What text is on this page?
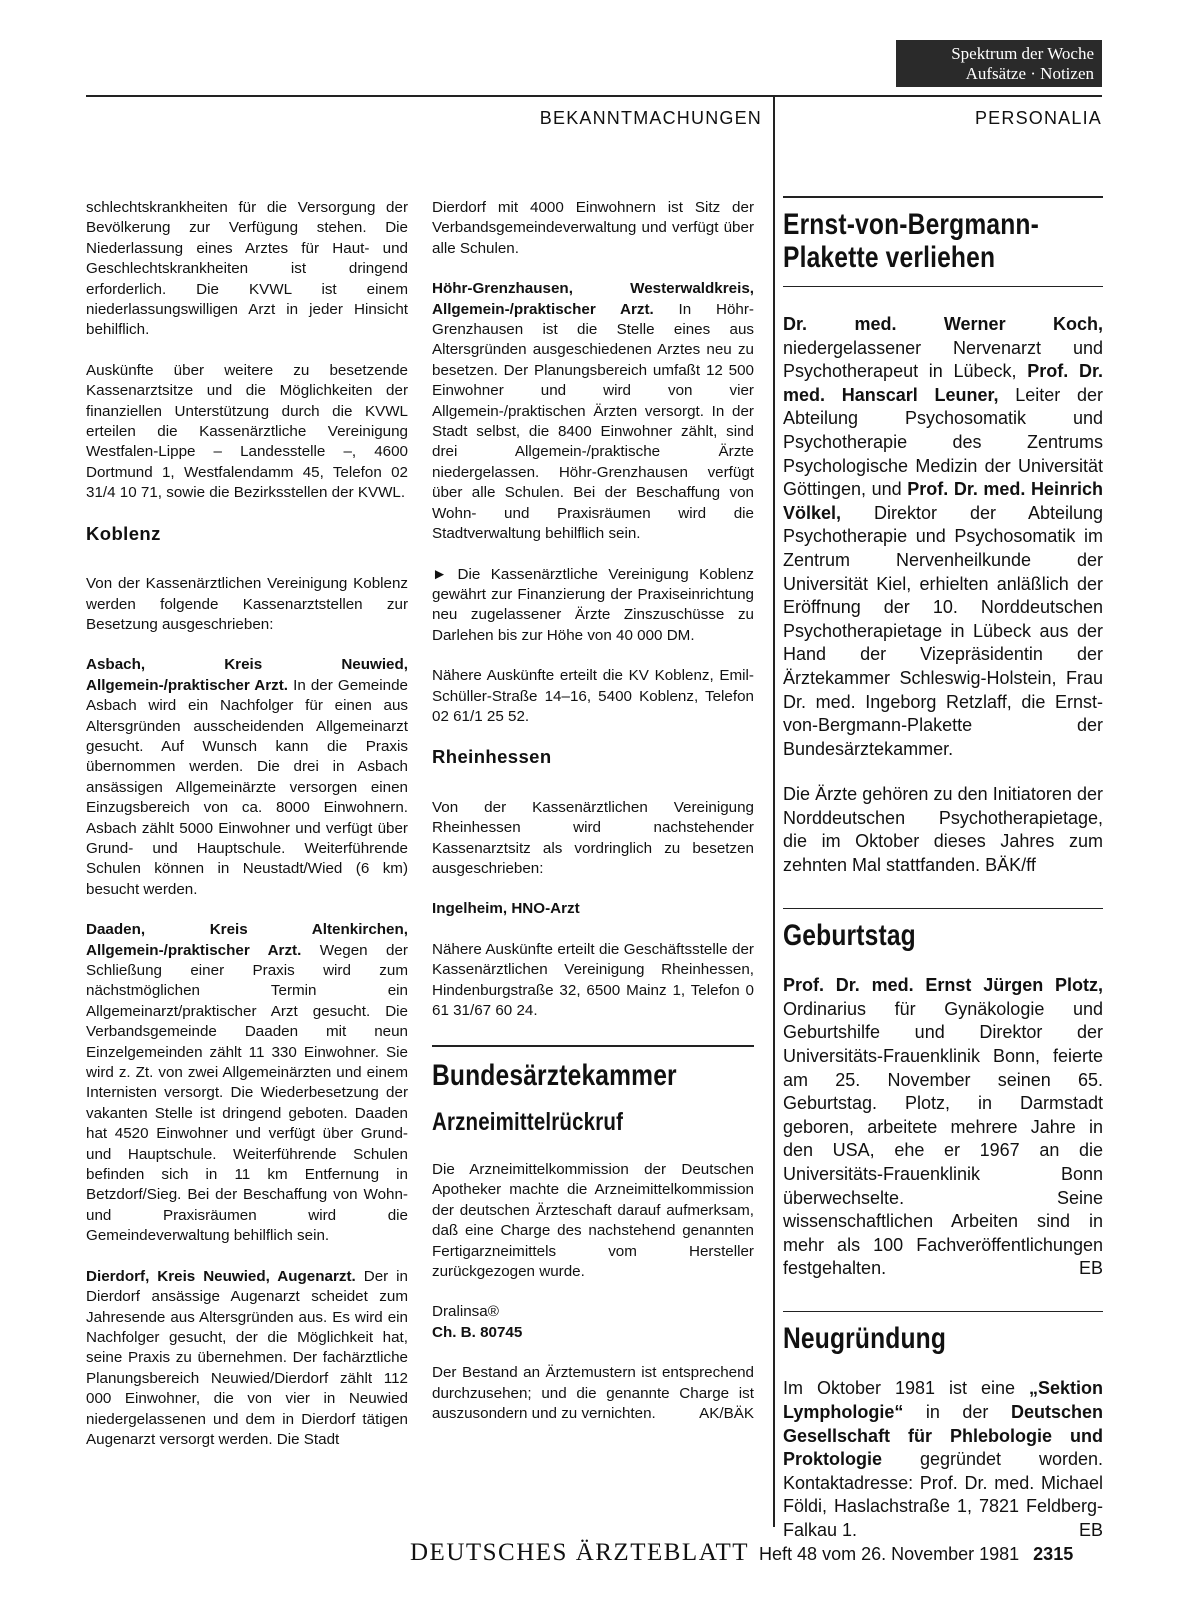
Spektrum der Woche
Aufsätze · Notizen
BEKANNTMACHUNGEN	PERSONALIA

schlechtskrankheiten für die Versorgung der Bevölkerung zur Verfügung stehen. Die Niederlassung eines Arztes für Haut- und Geschlechtskrankheiten ist dringend erforderlich. Die KVWL ist einem niederlassungswilligen Arzt in jeder Hinsicht behilflich.

Auskünfte über weitere zu besetzende Kassenarztsitze und die Möglichkeiten der finanziellen Unterstützung durch die KVWL erteilen die Kassenärztliche Vereinigung Westfalen-Lippe – Landesstelle –, 4600 Dortmund 1, Westfalendamm 45, Telefon 02 31/4 10 71, sowie die Bezirksstellen der KVWL.

Koblenz

Von der Kassenärztlichen Vereinigung Koblenz werden folgende Kassenarztstellen zur Besetzung ausgeschrieben:

Asbach, Kreis Neuwied, Allgemein-/praktischer Arzt. In der Gemeinde Asbach wird ein Nachfolger für einen aus Altersgründen ausscheidenden Allgemeinarzt gesucht. Auf Wunsch kann die Praxis übernommen werden. Die drei in Asbach ansässigen Allgemeinärzte versorgen einen Einzugsbereich von ca. 8000 Einwohnern. Asbach zählt 5000 Einwohner und verfügt über Grund- und Hauptschule. Weiterführende Schulen können in Neustadt/Wied (6 km) besucht werden.

Daaden, Kreis Altenkirchen, Allgemein-/praktischer Arzt. Wegen der Schließung einer Praxis wird zum nächstmöglichen Termin ein Allgemeinarzt/praktischer Arzt gesucht. Die Verbandsgemeinde Daaden mit neun Einzelgemeinden zählt 11 330 Einwohner. Sie wird z. Zt. von zwei Allgemeinärzten und einem Internisten versorgt. Die Wiederbesetzung der vakanten Stelle ist dringend geboten. Daaden hat 4520 Einwohner und verfügt über Grund- und Hauptschule. Weiterführende Schulen befinden sich in 11 km Entfernung in Betzdorf/Sieg. Bei der Beschaffung von Wohn- und Praxisräumen wird die Gemeindeverwaltung behilflich sein.

Dierdorf, Kreis Neuwied, Augenarzt. Der in Dierdorf ansässige Augenarzt scheidet zum Jahresende aus Altersgründen aus. Es wird ein Nachfolger gesucht, der die Möglichkeit hat, seine Praxis zu übernehmen. Der fachärztliche Planungsbereich Neuwied/Dierdorf zählt 112 000 Einwohner, die von vier in Neuwied niedergelassenen und dem in Dierdorf tätigen Augenarzt versorgt werden. Die Stadt

Dierdorf mit 4000 Einwohnern ist Sitz der Verbandsgemeindeverwaltung und verfügt über alle Schulen.

Höhr-Grenzhausen, Westerwaldkreis, Allgemein-/praktischer Arzt. In Höhr-Grenzhausen ist die Stelle eines aus Altersgründen ausgeschiedenen Arztes neu zu besetzen. Der Planungsbereich umfaßt 12 500 Einwohner und wird von vier Allgemein-/praktischen Ärzten versorgt. In der Stadt selbst, die 8400 Einwohner zählt, sind drei Allgemein-/praktische Ärzte niedergelassen. Höhr-Grenzhausen verfügt über alle Schulen. Bei der Beschaffung von Wohn- und Praxisräumen wird die Stadtverwaltung behilflich sein.

► Die Kassenärztliche Vereinigung Koblenz gewährt zur Finanzierung der Praxiseinrichtung neu zugelassener Ärzte Zinszuschüsse zu Darlehen bis zur Höhe von 40 000 DM.

Nähere Auskünfte erteilt die KV Koblenz, Emil-Schüller-Straße 14–16, 5400 Koblenz, Telefon 02 61/1 25 52.

Rheinhessen

Von der Kassenärztlichen Vereinigung Rheinhessen wird nachstehender Kassenarztsitz als vordringlich zu besetzen ausgeschrieben:

Ingelheim, HNO-Arzt

Nähere Auskünfte erteilt die Geschäftsstelle der Kassenärztlichen Vereinigung Rheinhessen, Hindenburgstraße 32, 6500 Mainz 1, Telefon 0 61 31/67 60 24.

Bundesärztekammer
Arzneimittelrückruf

Die Arzneimittelkommission der Deutschen Apotheker machte die Arzneimittelkommission der deutschen Ärzteschaft darauf aufmerksam, daß eine Charge des nachstehend genannten Fertigarzneimittels vom Hersteller zurückgezogen wurde.

Dralinsa®

Ch. B. 80745

Der Bestand an Ärztemustern ist entsprechend durchzusehen; und die genannte Charge ist auszusondern und zu vernichten.	AK/BÄK

Ernst-von-Bergmann-Plakette verliehen

Dr. med. Werner Koch, niedergelassener Nervenarzt und Psychotherapeut in Lübeck, Prof. Dr. med. Hanscarl Leuner, Leiter der Abteilung Psychosomatik und Psychotherapie des Zentrums Psychologische Medizin der Universität Göttingen, und Prof. Dr. med. Heinrich Völkel, Direktor der Abteilung Psychotherapie und Psychosomatik im Zentrum Nervenheilkunde der Universität Kiel, erhielten anläßlich der Eröffnung der 10. Norddeutschen Psychotherapietage in Lübeck aus der Hand der Vizepräsidentin der Ärztekammer Schleswig-Holstein, Frau Dr. med. Ingeborg Retzlaff, die Ernst-von-Bergmann-Plakette der Bundesärztekammer.

Die Ärzte gehören zu den Initiatoren der Norddeutschen Psychotherapietage, die im Oktober dieses Jahres zum zehnten Mal stattfanden. BÄK/ff

Geburtstag

Prof. Dr. med. Ernst Jürgen Plotz, Ordinarius für Gynäkologie und Geburtshilfe und Direktor der Universitäts-Frauenklinik Bonn, feierte am 25. November seinen 65. Geburtstag. Plotz, in Darmstadt geboren, arbeitete mehrere Jahre in den USA, ehe er 1967 an die Universitäts-Frauenklinik Bonn überwechselte. Seine wissenschaftlichen Arbeiten sind in mehr als 100 Fachveröffentlichungen festgehalten.	EB

Neugründung

Im Oktober 1981 ist eine „Sektion Lymphologie“ in der Deutschen Gesellschaft für Phlebologie und Proktologie gegründet worden. Kontaktadresse: Prof. Dr. med. Michael Földi, Haslachstraße 1, 7821 Feldberg-Falkau 1.	EB

DEUTSCHES ÄRZTEBLATT Heft 48 vom 26. November 1981 2315
